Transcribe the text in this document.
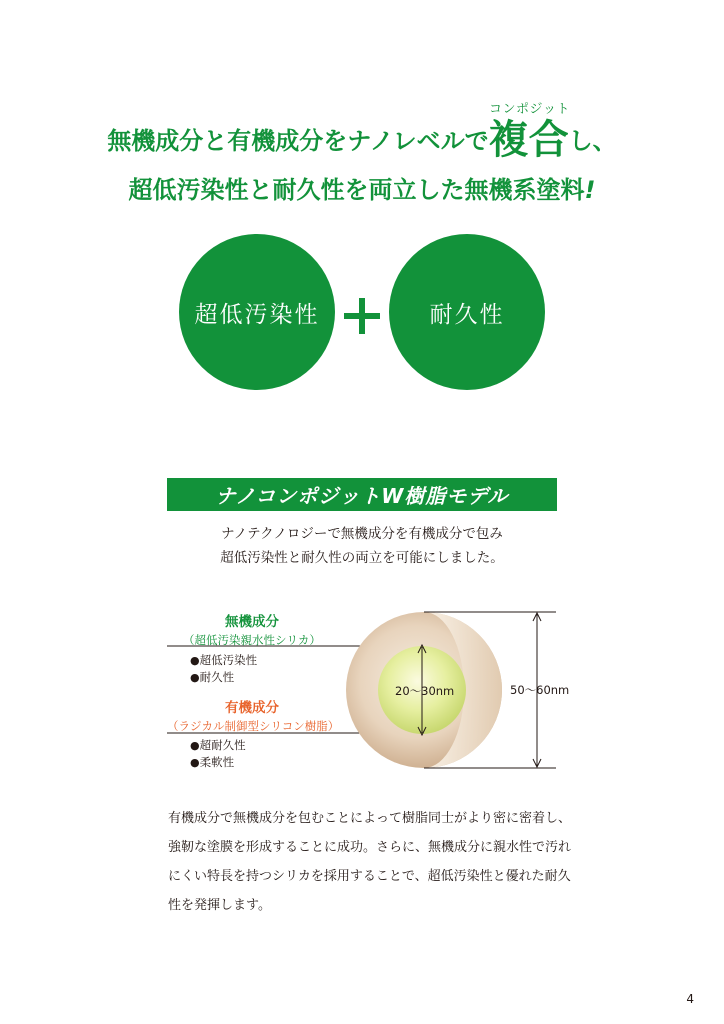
コンポジット
無機成分と有機成分をナノレベルで複合し、
超低汚染性と耐久性を両立した無機系塗料!
超低汚染性	耐久性
ナノコンポジットW樹脂モデル
ナノテクノロジーで無機成分を有機成分で包み
超低汚染性と耐久性の両立を可能にしました。
無機成分
（超低汚染親水性シリカ）
●超低汚染性
●耐久性
有機成分
（ラジカル制御型シリコン樹脂）
●超耐久性
●柔軟性
20〜30nm	50〜60nm
有機成分で無機成分を包むことによって樹脂同士がより密に密着し、
強靭な塗膜を形成することに成功。さらに、無機成分に親水性で汚れ
にくい特長を持つシリカを採用することで、超低汚染性と優れた耐久
性を発揮します。
4
